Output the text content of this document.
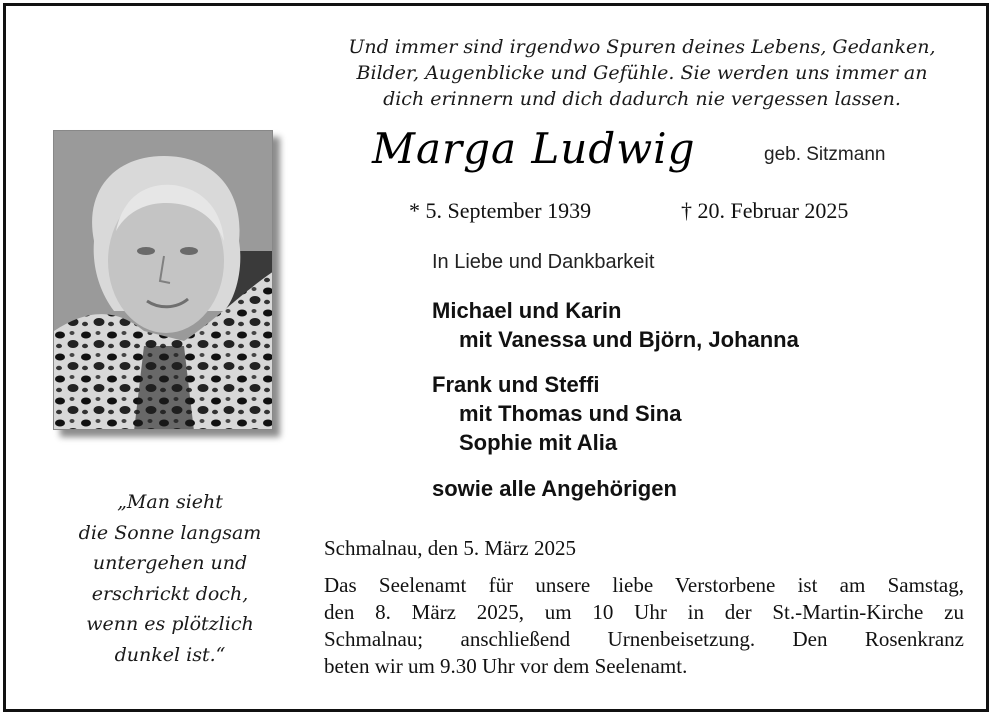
Und immer sind irgendwo Spuren deines Lebens, Gedanken,
Bilder, Augenblicke und Gefühle. Sie werden uns immer an
dich erinnern und dich dadurch nie vergessen lassen.
Marga Ludwig	geb. Sitzmann
* 5. September 1939	† 20. Februar 2025
In Liebe und Dankbarkeit
Michael und Karin
mit Vanessa und Björn, Johanna
Frank und Steffi
mit Thomas und Sina
Sophie mit Alia
sowie alle Angehörigen
„Man sieht
die Sonne langsam
untergehen und
erschrickt doch,
wenn es plötzlich
dunkel ist.“
Schmalnau, den 5. März 2025
Das Seelenamt für unsere liebe Verstorbene ist am Samstag,
den 8. März 2025, um 10 Uhr in der St.-Martin-Kirche zu
Schmalnau; anschließend Urnenbeisetzung. Den Rosenkranz
beten wir um 9.30 Uhr vor dem Seelenamt.
